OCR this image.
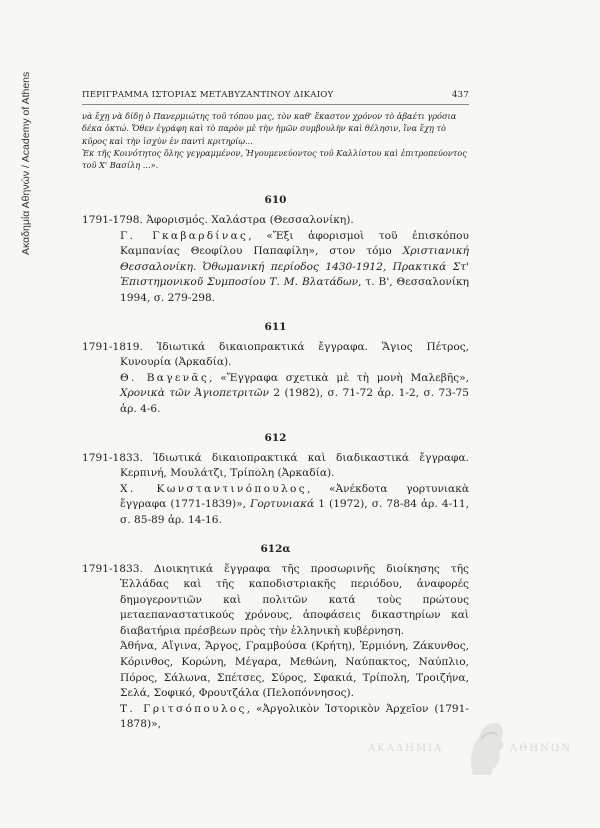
Ακαδημία Αθηνών / Academy of Athens	ΠΕΡΙΓΡΑΜΜΑ ΙΣΤΟΡΙΑΣ ΜΕΤΑΒΥΖΑΝΤΙΝΟΥ ΔΙΚΑΙΟΥ	437

νὰ ἔχῃ νὰ δίδῃ ὁ Πανερμιώτης τοῦ τόπου μας, τὸν καθ' ἕκαστον χρόνον τὸ ἀβαέτι γρόσια

δέκα ὀκτώ. Ὅθεν ἐγράφη καὶ τὸ παρὸν μὲ τὴν ἡμῶν συμβουλὴν καὶ θέλησιν, ἵνα ἔχῃ τὸ

κῦρος καὶ τὴν ἰσχὺν ἐν παντὶ κριτηρίῳ...

Ἐκ τῆς Κοινότητος ὅλης γεγραμμένον, Ἡγουμενεύοντος τοῦ Καλλίστου καὶ ἐπιτροπεύοντος

τοῦ Χ' Βασίλη ...».

610
1791-1798. Ἀφορισμός. Χαλάστρα (Θεσσαλονίκη).
Γ. Γκαβαρδίνας, «Ἔξι ἀφορισμοὶ τοῦ ἐπισκόπου Καμπανίας Θεοφίλου Παπαφίλη», στον τόμο Χριστιανική Θεσσαλονίκη. Ὀθωμανική περίοδος 1430-1912, Πρακτικά Στ' Ἐπιστημονικοῦ Συμποσίου Τ. Μ. Βλατάδων, τ. Β', Θεσσαλονίκη 1994, σ. 279-298.
611
1791-1819. Ἰδιωτικά δικαιοπρακτικά ἔγγραφα. Ἅγιος Πέτρος, Κυνουρία (Ἀρκαδία).
Θ. Βαγενᾶς, «Ἔγγραφα σχετικὰ μὲ τὴ μονὴ Μαλεβῆς», Χρονικὰ τῶν Ἁγιοπετριτῶν 2 (1982), σ. 71-72 ἀρ. 1-2, σ. 73-75 ἀρ. 4-6.
612
1791-1833. Ἰδιωτικά δικαιοπρακτικά καὶ διαδικαστικά ἔγγραφα. Κερπινή, Μουλάτζι, Τρίπολη (Ἀρκαδία).
Χ. Κωνσταντινόπουλος, «Ἀνέκδοτα γορτυνιακὰ ἔγγραφα (1771-1839)», Γορτυνιακά 1 (1972), σ. 78-84 ἀρ. 4-11, σ. 85-89 ἀρ. 14-16.
612α
1791-1833. Διοικητικά ἔγγραφα τῆς προσωρινῆς διοίκησης τῆς Ἑλλάδας καὶ τῆς καποδιστριακῆς περιόδου, ἀναφορές δημογεροντιῶν καὶ πολιτῶν κατά τοὺς πρώτους μεταεπαναστατικούς χρόνους, ἀποφάσεις δικαστηρίων καὶ διαβατήρια πρέσβεων πρὸς τὴν ἑλληνικὴ κυβέρνηση.
Ἀθήνα, Αἴγινα, Ἄργος, Γραμβούσα (Κρήτη), Ἑρμιόνη, Ζάκυνθος, Κόρινθος, Κορώνη, Μέγαρα, Μεθώνη, Ναύπακτος, Ναύπλιο, Πόρος, Σάλωνα, Σπέτσες, Σύρος, Σφακιά, Τρίπολη, Τροιζήνα, Σελά, Σοφικό, Φρουτζάλα (Πελοπόννησος).
Τ. Γριτσόπουλος, «Ἀργολικὸν Ἱστορικὸν Ἀρχεῖον (1791-1878)»,
ΑΚΑΔΗΜΙΑ	ΑΘΗΝΩΝ
